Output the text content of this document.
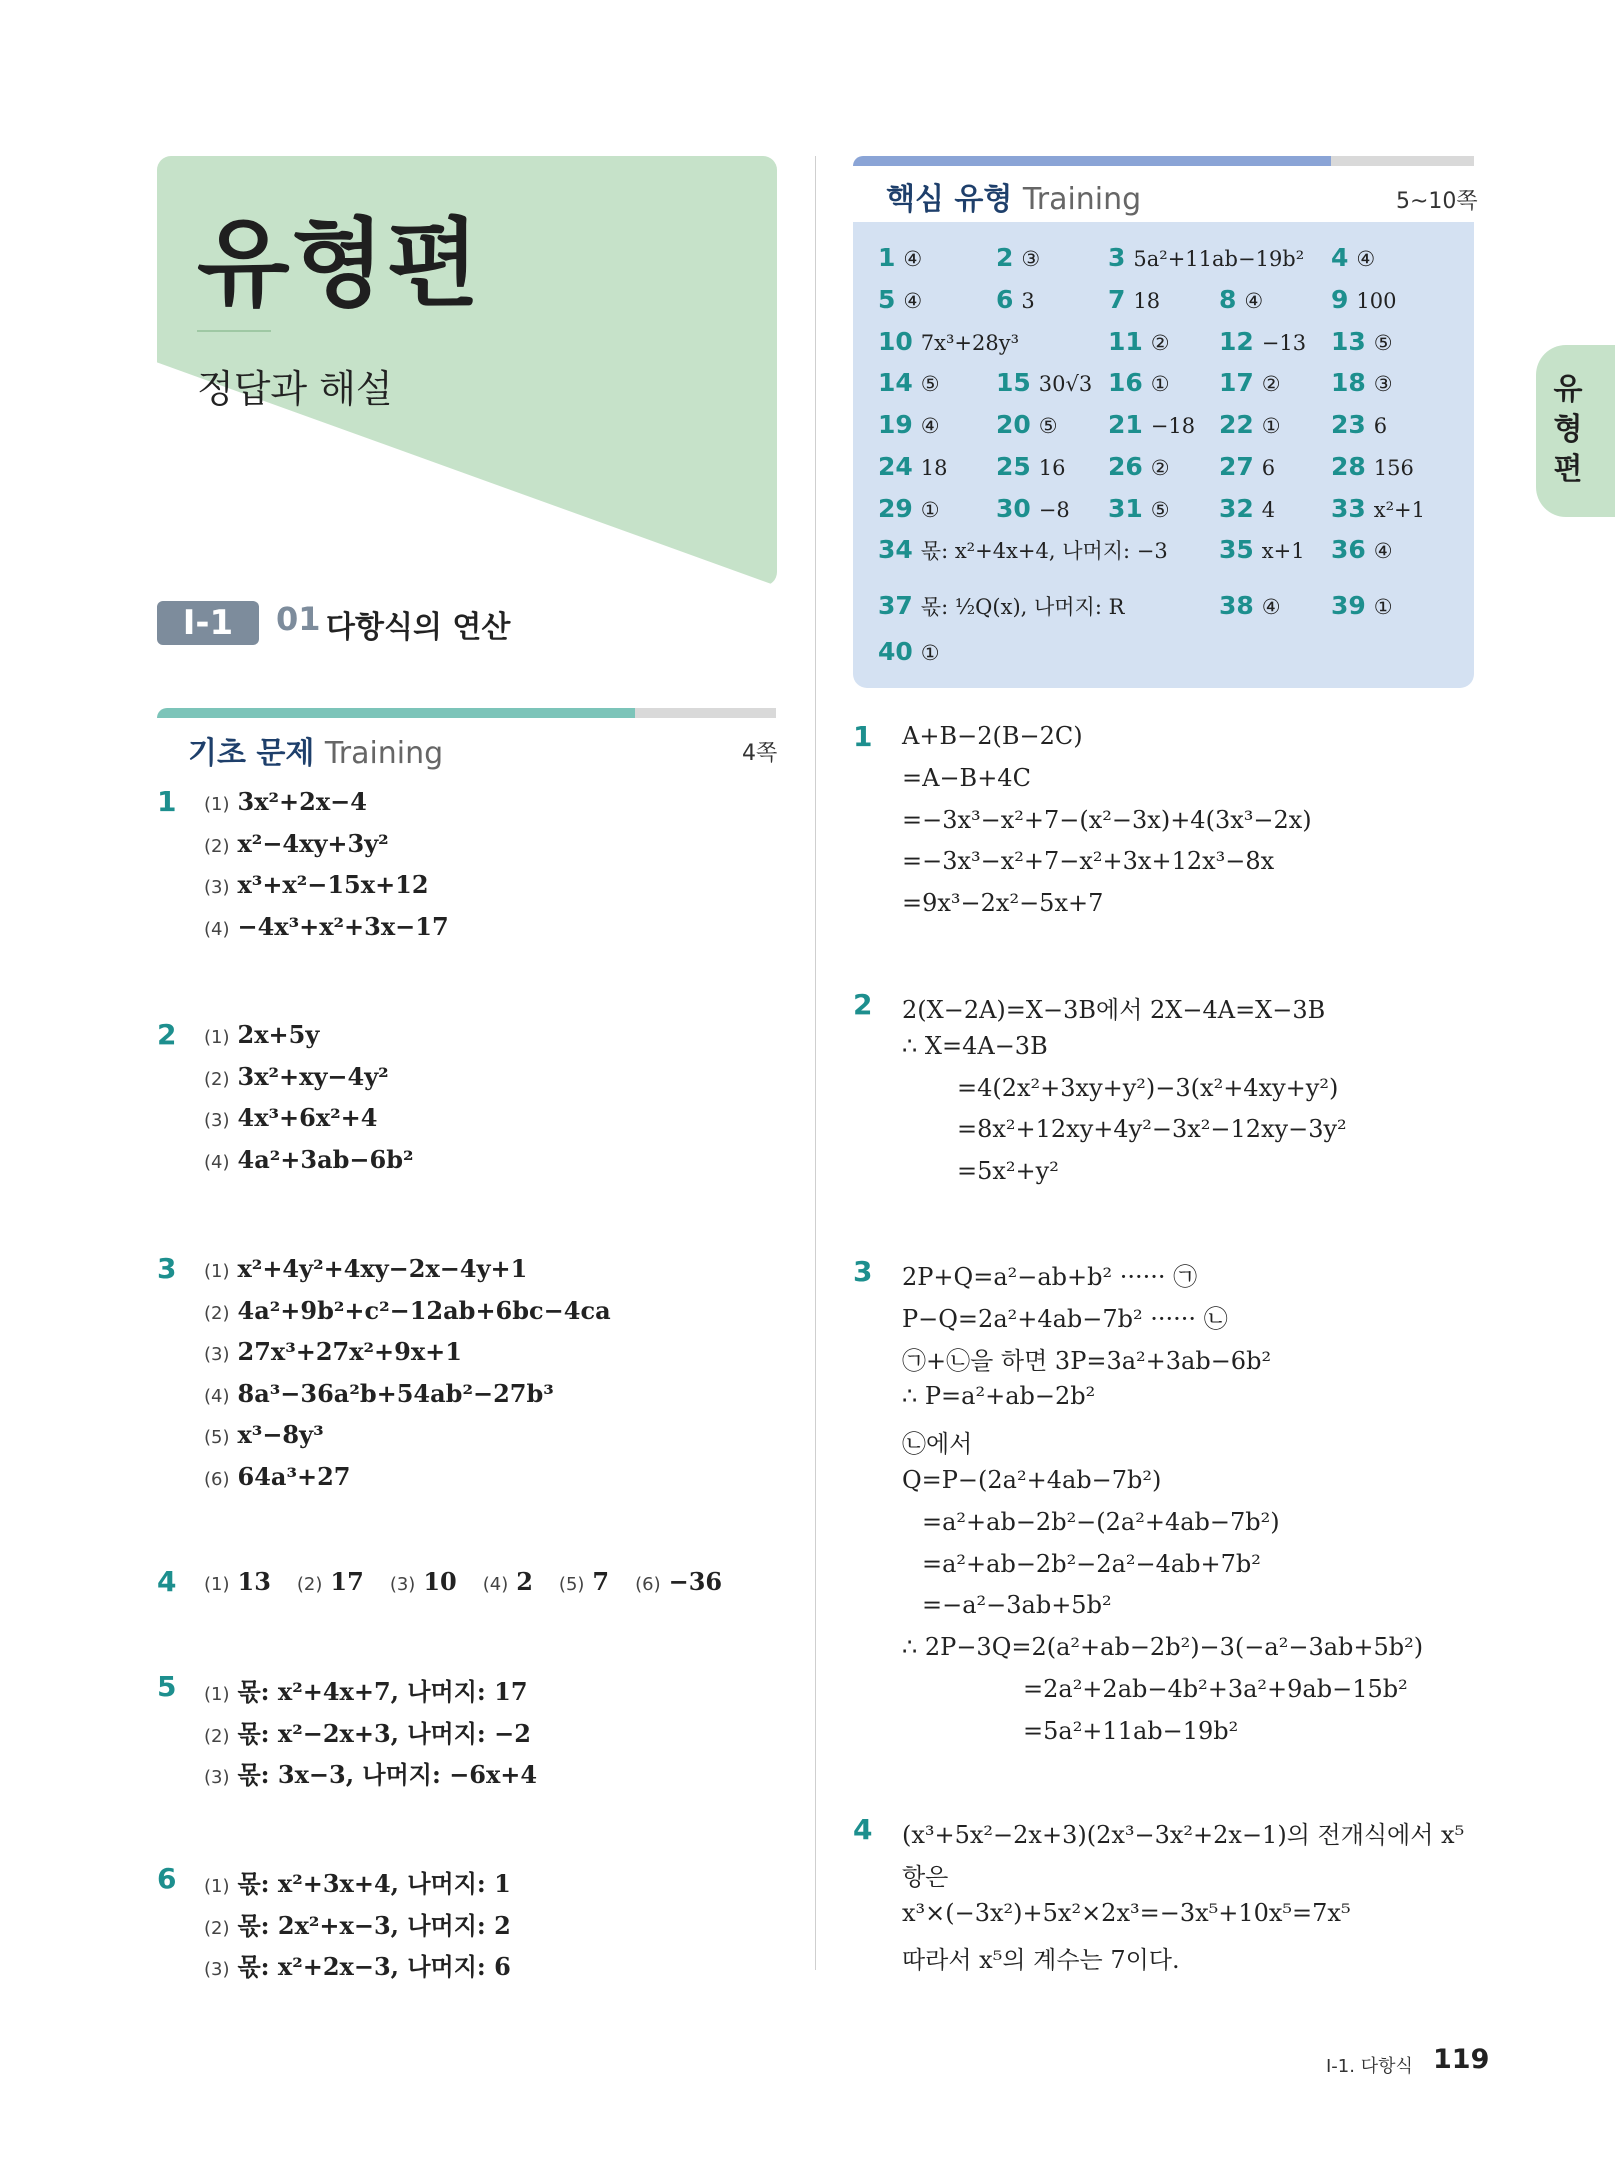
유형편
정답과 해설
Ⅰ-1	01 다항식의 연산
기초 문제 Training	4쪽
1 (1) 3x²+2x−4
(2) x²−4xy+3y²
(3) x³+x²−15x+12
(4) −4x³+x²+3x−17
2 (1) 2x+5y
(2) 3x²+xy−4y²
(3) 4x³+6x²+4
(4) 4a²+3ab−6b²
3 (1) x²+4y²+4xy−2x−4y+1
(2) 4a²+9b²+c²−12ab+6bc−4ca
(3) 27x³+27x²+9x+1
(4) 8a³−36a²b+54ab²−27b³
(5) x³−8y³
(6) 64a³+27
4 (1) 13 (2) 17 (3) 10 (4) 2 (5) 7 (6) −36
5 (1) 몫: x²+4x+7, 나머지: 17
(2) 몫: x²−2x+3, 나머지: −2
(3) 몫: 3x−3, 나머지: −6x+4
6 (1) 몫: x²+3x+4, 나머지: 1
(2) 몫: 2x²+x−3, 나머지: 2
(3) 몫: x²+2x−3, 나머지: 6
핵심 유형 Training	5~10쪽
1 ④	2 ③	3 5a²+11ab−19b² 4 ④
5 ④	6 3	7 18 8 ④	9 100
10 7x³+28y³	11 ② 12 −13 13 ⑤
14 ⑤ 15 30√3 16 ① 17 ② 18 ③
19 ④ 20 ⑤ 21 −18 22 ① 23 6
24 18 25 16 26 ② 27 6 28 156
29 ① 30 −8 31 ⑤ 32 4 33 x²+1
34 몫: x²+4x+4, 나머지: −3 35 x+1 36 ④
37 몫: ½Q(x), 나머지: R	38 ④ 39 ①
40 ①
1 A+B−2(B−2C)
=A−B+4C
=−3x³−x²+7−(x²−3x)+4(3x³−2x)
=−3x³−x²+7−x²+3x+12x³−8x
=9x³−2x²−5x+7
2 2(X−2A)=X−3B에서 2X−4A=X−3B
∴ X=4A−3B
=4(2x²+3xy+y²)−3(x²+4xy+y²)
=8x²+12xy+4y²−3x²−12xy−3y²
=5x²+y²
3 2P+Q=a²−ab+b² ······ ㉠
P−Q=2a²+4ab−7b² ······ ㉡
㉠+㉡을 하면 3P=3a²+3ab−6b²
∴ P=a²+ab−2b²
㉡에서
Q=P−(2a²+4ab−7b²)
=a²+ab−2b²−(2a²+4ab−7b²)
=a²+ab−2b²−2a²−4ab+7b²
=−a²−3ab+5b²
∴ 2P−3Q=2(a²+ab−2b²)−3(−a²−3ab+5b²)
=2a²+2ab−4b²+3a²+9ab−15b²
=5a²+11ab−19b²
4 (x³+5x²−2x+3)(2x³−3x²+2x−1)의 전개식에서 x⁵
항은
x³×(−3x²)+5x²×2x³=−3x⁵+10x⁵=7x⁵
따라서 x⁵의 계수는 7이다.
유
형
편
Ⅰ-1. 다항식 119
